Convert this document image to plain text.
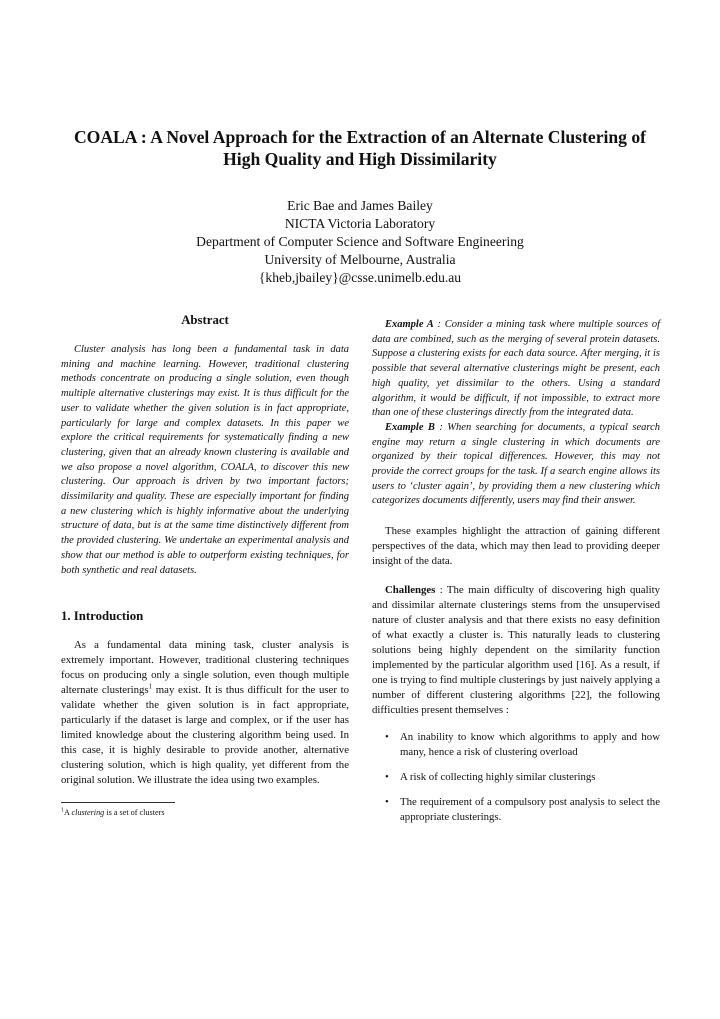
COALA : A Novel Approach for the Extraction of an Alternate Clustering of
High Quality and High Dissimilarity
Eric Bae and James Bailey
NICTA Victoria Laboratory
Department of Computer Science and Software Engineering
University of Melbourne, Australia
{kheb,jbailey}@csse.unimelb.edu.au
Abstract

Cluster analysis has long been a fundamental task in data mining and machine learning. However, traditional clustering methods concentrate on producing a single solution, even though multiple alternative clusterings may exist. It is thus difficult for the user to validate whether the given solution is in fact appropriate, particularly for large and complex datasets. In this paper we explore the critical requirements for systematically finding a new clustering, given that an already known clustering is available and we also propose a novel algorithm, COALA, to discover this new clustering. Our approach is driven by two important factors; dissimilarity and quality. These are especially important for finding a new clustering which is highly informative about the underlying structure of data, but is at the same time distinctively different from the provided clustering. We undertake an experimental analysis and show that our method is able to outperform existing techniques, for both synthetic and real datasets.

1. Introduction

As a fundamental data mining task, cluster analysis is extremely important. However, traditional clustering techniques focus on producing only a single solution, even though multiple alternate clusterings$^1$ may exist. It is thus difficult for the user to validate whether the given solution is in fact appropriate, particularly if the dataset is large and complex, or if the user has limited knowledge about the clustering algorithm being used. In this case, it is highly desirable to provide another, alternative clustering solution, which is high quality, yet different from the original solution. We illustrate the idea using two examples.

$^1$A clustering is a set of clusters

Example A : Consider a mining task where multiple sources of data are combined, such as the merging of several protein datasets. Suppose a clustering exists for each data source. After merging, it is possible that several alternative clusterings might be present, each high quality, yet dissimilar to the others. Using a standard algorithm, it would be difficult, if not impossible, to extract more than one of these clusterings directly from the integrated data.

Example B : When searching for documents, a typical search engine may return a single clustering in which documents are organized by their topical differences. However, this may not provide the correct groups for the task. If a search engine allows its users to ‘cluster again’, by providing them a new clustering which categorizes documents differently, users may find their answer.

These examples highlight the attraction of gaining different perspectives of the data, which may then lead to providing deeper insight of the data.

Challenges : The main difficulty of discovering high quality and dissimilar alternate clusterings stems from the unsupervised nature of cluster analysis and that there exists no easy definition of what exactly a cluster is. This naturally leads to clustering solutions being highly dependent on the similarity function implemented by the particular algorithm used [16]. As a result, if one is trying to find multiple clusterings by just naively applying a number of different clustering algorithms [22], the following difficulties present themselves :

• An inability to know which algorithms to apply and how many, hence a risk of clustering overload
• A risk of collecting highly similar clusterings
• The requirement of a compulsory post analysis to select the appropriate clusterings.
